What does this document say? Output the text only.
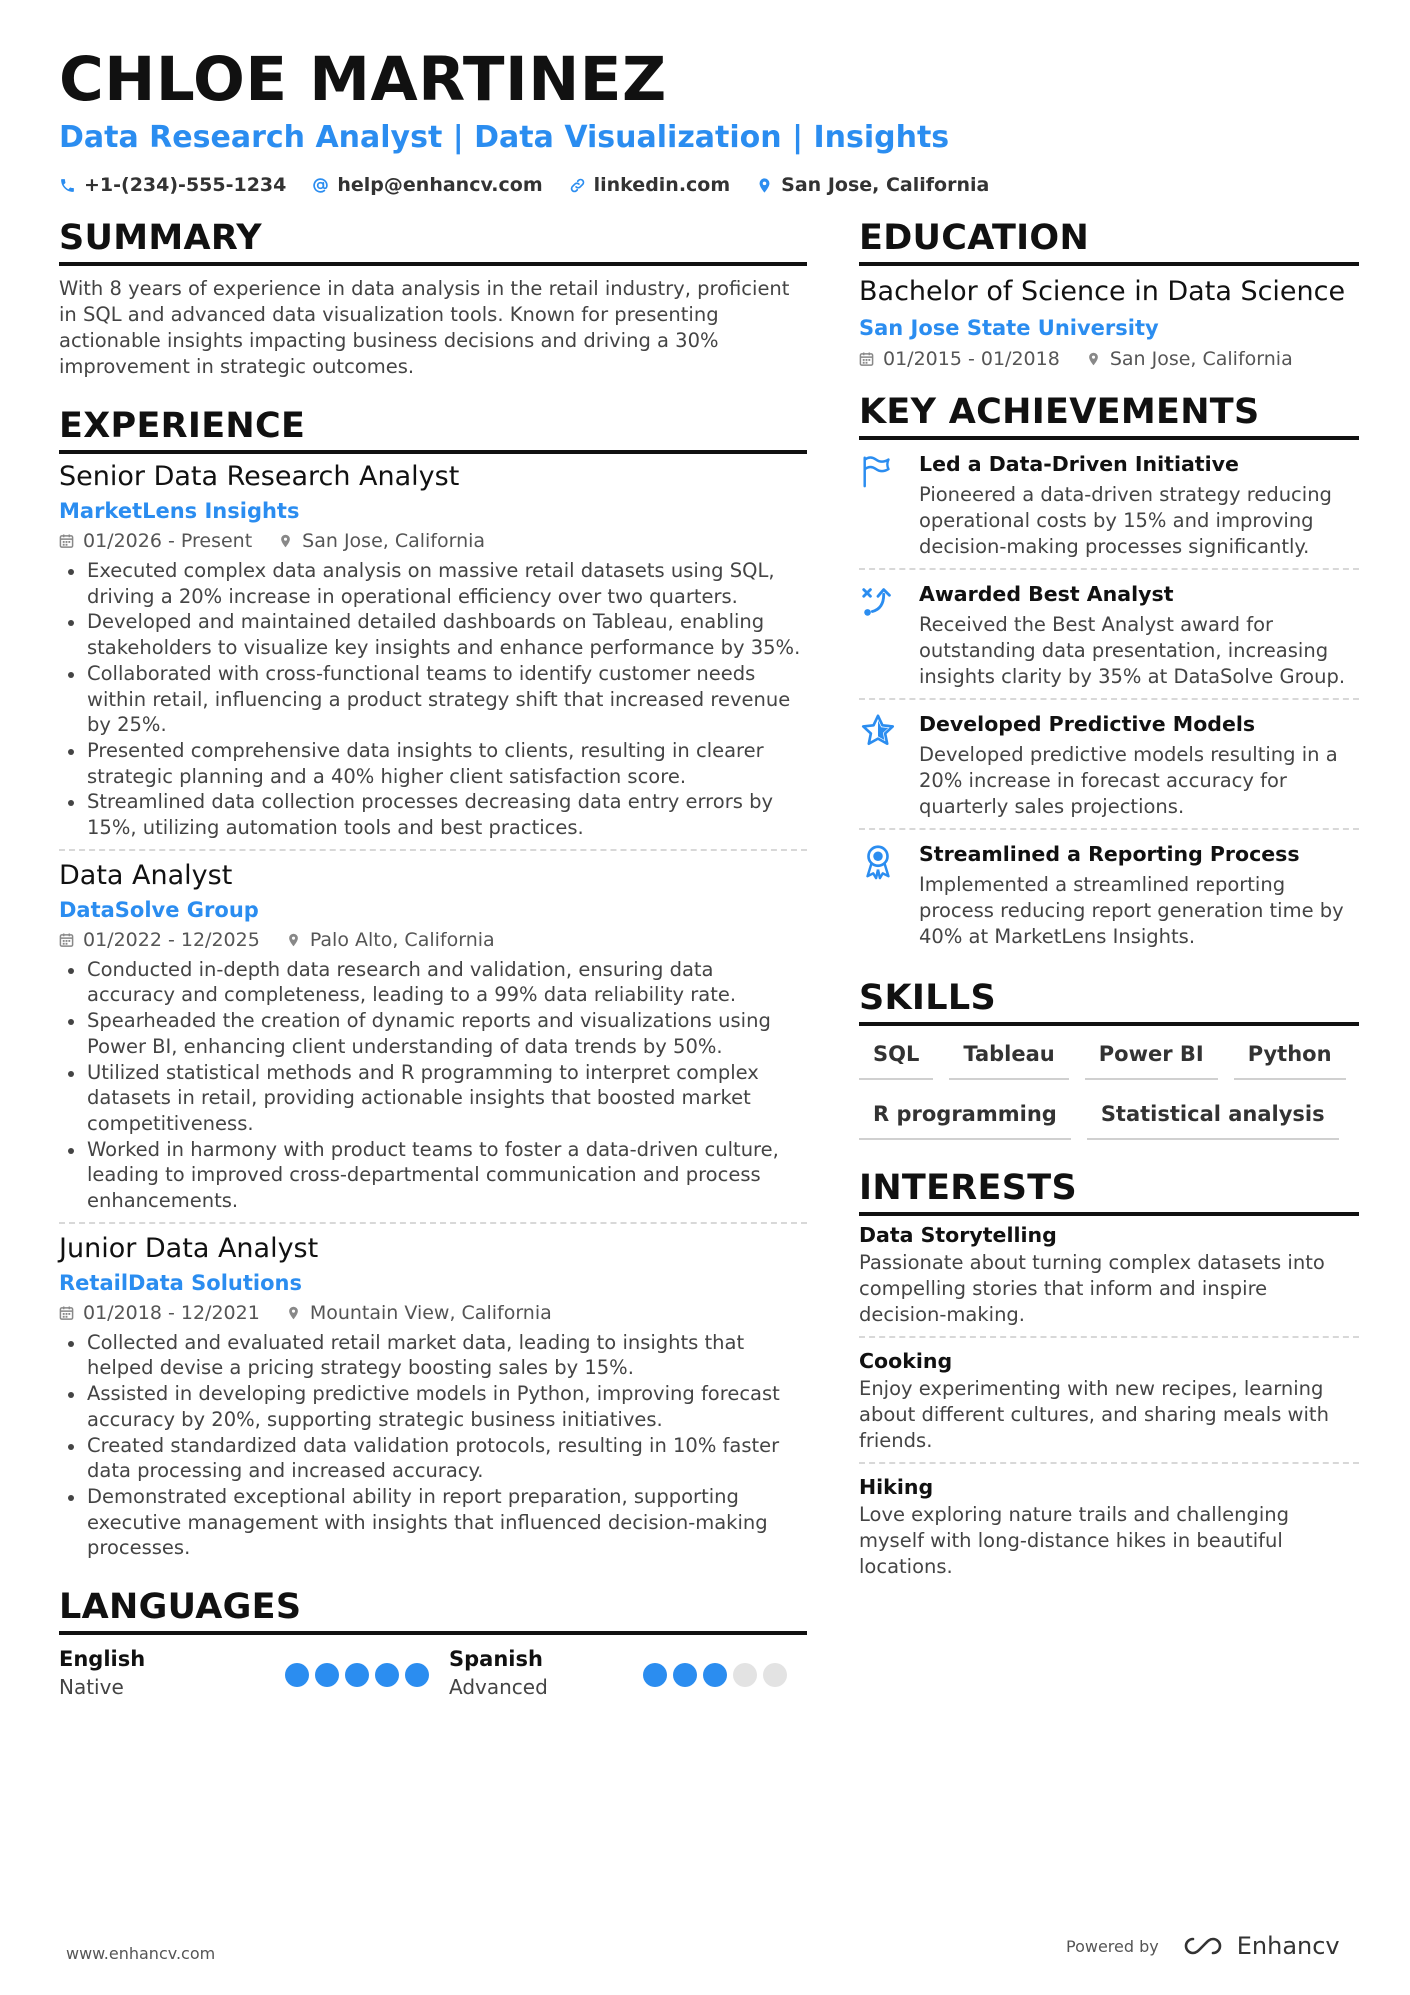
CHLOE MARTINEZ
Data Research Analyst | Data Visualization | Insights
+1-(234)-555-1234	help@enhancv.com	linkedin.com	San Jose, California
SUMMARY
With 8 years of experience in data analysis in the retail industry, proficient in SQL and advanced data visualization tools. Known for presenting actionable insights impacting business decisions and driving a 30% improvement in strategic outcomes.
EXPERIENCE
Senior Data Research Analyst
MarketLens Insights
01/2026 - Present	San Jose, California
Executed complex data analysis on massive retail datasets using SQL, driving a 20% increase in operational efficiency over two quarters.
Developed and maintained detailed dashboards on Tableau, enabling stakeholders to visualize key insights and enhance performance by 35%.
Collaborated with cross-functional teams to identify customer needs within retail, influencing a product strategy shift that increased revenue by 25%.
Presented comprehensive data insights to clients, resulting in clearer strategic planning and a 40% higher client satisfaction score.
Streamlined data collection processes decreasing data entry errors by 15%, utilizing automation tools and best practices.
Data Analyst
DataSolve Group
01/2022 - 12/2025	Palo Alto, California
Conducted in-depth data research and validation, ensuring data accuracy and completeness, leading to a 99% data reliability rate.
Spearheaded the creation of dynamic reports and visualizations using Power BI, enhancing client understanding of data trends by 50%.
Utilized statistical methods and R programming to interpret complex datasets in retail, providing actionable insights that boosted market competitiveness.
Worked in harmony with product teams to foster a data-driven culture, leading to improved cross-departmental communication and process enhancements.
Junior Data Analyst
RetailData Solutions
01/2018 - 12/2021	Mountain View, California
Collected and evaluated retail market data, leading to insights that helped devise a pricing strategy boosting sales by 15%.
Assisted in developing predictive models in Python, improving forecast accuracy by 20%, supporting strategic business initiatives.
Created standardized data validation protocols, resulting in 10% faster data processing and increased accuracy.
Demonstrated exceptional ability in report preparation, supporting executive management with insights that influenced decision-making processes.
LANGUAGES
English
Native
Spanish
Advanced
EDUCATION
Bachelor of Science in Data Science
San Jose State University
01/2015 - 01/2018	San Jose, California
KEY ACHIEVEMENTS
Led a Data-Driven Initiative
Pioneered a data-driven strategy reducing operational costs by 15% and improving decision-making processes significantly.
Awarded Best Analyst
Received the Best Analyst award for outstanding data presentation, increasing insights clarity by 35% at DataSolve Group.
Developed Predictive Models
Developed predictive models resulting in a 20% increase in forecast accuracy for quarterly sales projections.
Streamlined a Reporting Process
Implemented a streamlined reporting process reducing report generation time by 40% at MarketLens Insights.
SKILLS
SQL	Tableau	Power BI	Python
R programming	Statistical analysis
INTERESTS
Data Storytelling
Passionate about turning complex datasets into compelling stories that inform and inspire decision-making.
Cooking
Enjoy experimenting with new recipes, learning about different cultures, and sharing meals with friends.
Hiking
Love exploring nature trails and challenging myself with long-distance hikes in beautiful locations.
www.enhancv.com	Powered by	Enhancv
